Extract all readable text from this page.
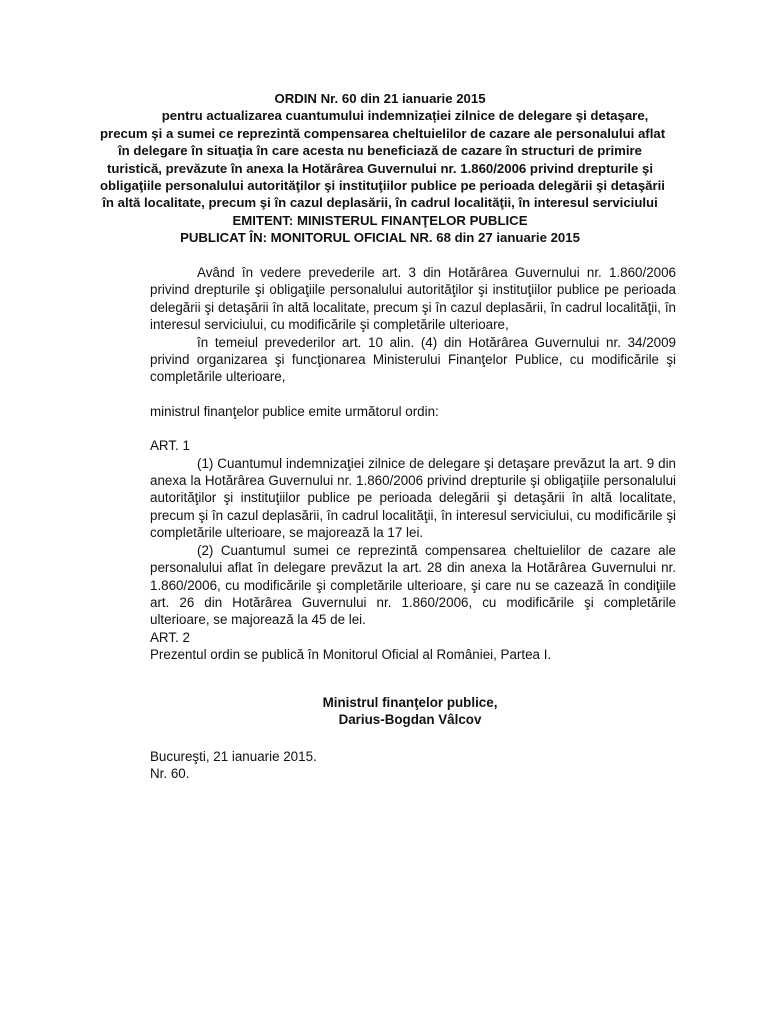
ORDIN Nr. 60 din 21 ianuarie 2015
pentru actualizarea cuantumului indemnizației zilnice de delegare şi detaşare,
precum şi a sumei ce reprezintă compensarea cheltuielilor de cazare ale personalului aflat
în delegare în situaţia în care acesta nu beneficiază de cazare în structuri de primire
turistică, prevăzute în anexa la Hotărârea Guvernului nr. 1.860/2006 privind drepturile şi
obligaţiile personalului autorităţilor şi instituţiilor publice pe perioada delegării şi detaşării
în altă localitate, precum şi în cazul deplasării, în cadrul localităţii, în interesul serviciului
EMITENT: MINISTERUL FINANŢELOR PUBLICE
PUBLICAT ÎN: MONITORUL OFICIAL NR. 68 din 27 ianuarie 2015

Având în vedere prevederile art. 3 din Hotărârea Guvernului nr. 1.860/2006 privind drepturile şi obligaţiile personalului autorităţilor şi instituţiilor publice pe perioada delegării şi detaşării în altă localitate, precum şi în cazul deplasării, în cadrul localităţii, în interesul serviciului, cu modificările şi completările ulterioare,

în temeiul prevederilor art. 10 alin. (4) din Hotărârea Guvernului nr. 34/2009 privind organizarea şi funcţionarea Ministerului Finanţelor Publice, cu modificările şi completările ulterioare,

ministrul finanţelor publice emite următorul ordin:

ART. 1

(1) Cuantumul indemnizaţiei zilnice de delegare şi detaşare prevăzut la art. 9 din anexa la Hotărârea Guvernului nr. 1.860/2006 privind drepturile şi obligaţiile personalului autorităţilor şi instituţiilor publice pe perioada delegării şi detaşării în altă localitate, precum şi în cazul deplasării, în cadrul localităţii, în interesul serviciului, cu modificările şi completările ulterioare, se majorează la 17 lei.

(2) Cuantumul sumei ce reprezintă compensarea cheltuielilor de cazare ale personalului aflat în delegare prevăzut la art. 28 din anexa la Hotărârea Guvernului nr. 1.860/2006, cu modificările şi completările ulterioare, şi care nu se cazează în condiţiile art. 26 din Hotărârea Guvernului nr. 1.860/2006, cu modificările şi completările ulterioare, se majorează la 45 de lei.

ART. 2

Prezentul ordin se publică în Monitorul Oficial al României, Partea I.

Ministrul finanţelor publice,
Darius-Bogdan Vâlcov
Bucureşti, 21 ianuarie 2015.
Nr. 60.
